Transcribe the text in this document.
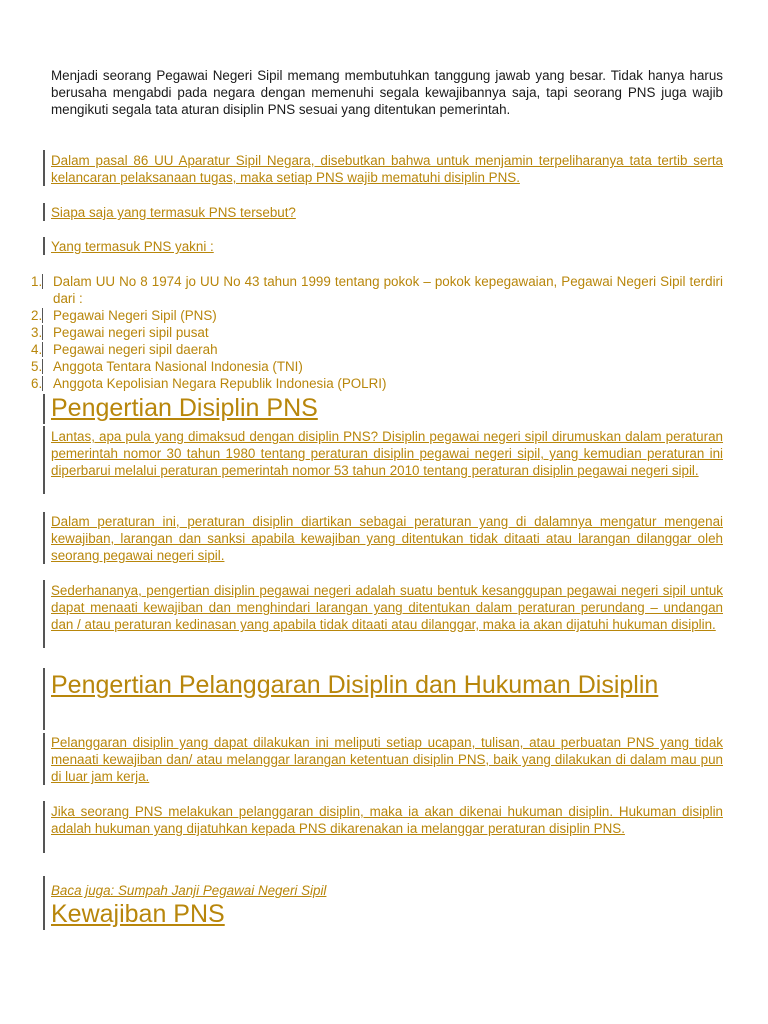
Menjadi seorang Pegawai Negeri Sipil memang membutuhkan tanggung jawab yang besar. Tidak hanya harus berusaha mengabdi pada negara dengan memenuhi segala kewajibannya saja, tapi seorang PNS juga wajib mengikuti segala tata aturan disiplin PNS sesuai yang ditentukan pemerintah.

Dalam pasal 86 UU Aparatur Sipil Negara, disebutkan bahwa untuk menjamin terpeliharanya tata tertib serta kelancaran pelaksanaan tugas, maka setiap PNS wajib mematuhi disiplin PNS.

Siapa saja yang termasuk PNS tersebut?

Yang termasuk PNS yakni :

1. Dalam UU No 8 1974 jo UU No 43 tahun 1999 tentang pokok – pokok kepegawaian, Pegawai Negeri Sipil terdiri dari :
2. Pegawai Negeri Sipil (PNS)
3. Pegawai negeri sipil pusat
4. Pegawai negeri sipil daerah
5. Anggota Tentara Nasional Indonesia (TNI)
6. Anggota Kepolisian Negara Republik Indonesia (POLRI)
Pengertian Disiplin PNS

Lantas, apa pula yang dimaksud dengan disiplin PNS? Disiplin pegawai negeri sipil dirumuskan dalam peraturan pemerintah nomor 30 tahun 1980 tentang peraturan disiplin pegawai negeri sipil, yang kemudian peraturan ini diperbarui melalui peraturan pemerintah nomor 53 tahun 2010 tentang peraturan disiplin pegawai negeri sipil.

Dalam peraturan ini, peraturan disiplin diartikan sebagai peraturan yang di dalamnya mengatur mengenai kewajiban, larangan dan sanksi apabila kewajiban yang ditentukan tidak ditaati atau larangan dilanggar oleh seorang pegawai negeri sipil.

Sederhananya, pengertian disiplin pegawai negeri adalah suatu bentuk kesanggupan pegawai negeri sipil untuk dapat menaati kewajiban dan menghindari larangan yang ditentukan dalam peraturan perundang – undangan dan / atau peraturan kedinasan yang apabila tidak ditaati atau dilanggar, maka ia akan dijatuhi hukuman disiplin.

Pengertian Pelanggaran Disiplin dan Hukuman Disiplin

Pelanggaran disiplin yang dapat dilakukan ini meliputi setiap ucapan, tulisan, atau perbuatan PNS yang tidak menaati kewajiban dan/ atau melanggar larangan ketentuan disiplin PNS, baik yang dilakukan di dalam mau pun di luar jam kerja.

Jika seorang PNS melakukan pelanggaran disiplin, maka ia akan dikenai hukuman disiplin. Hukuman disiplin adalah hukuman yang dijatuhkan kepada PNS dikarenakan ia melanggar peraturan disiplin PNS.

Baca juga: Sumpah Janji Pegawai Negeri Sipil

Kewajiban PNS
